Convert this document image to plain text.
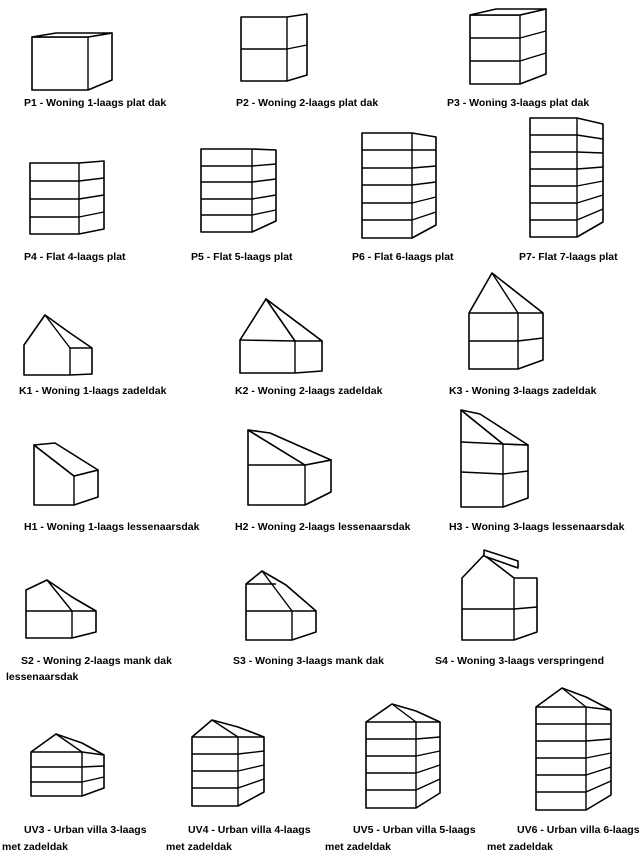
P1 - Woning 1-laags plat dak	P2 - Woning 2-laags plat dak	P3 - Woning 3-laags plat dak
P4 - Flat 4-laags plat	P5 - Flat 5-laags plat	P6 - Flat 6-laags plat	P7- Flat 7-laags plat
K1 - Woning 1-laags zadeldak	K2 - Woning 2-laags zadeldak	K3 - Woning 3-laags zadeldak
H1 - Woning 1-laags lessenaarsdak	H2 - Woning 2-laags lessenaarsdak	H3 - Woning 3-laags lessenaarsdak
S2 - Woning 2-laags mank dak
lessenaarsdak
S3 - Woning 3-laags mank dak	S4 - Woning 3-laags verspringend
UV3 - Urban villa 3-laags
met zadeldak
UV4 - Urban villa 4-laags
met zadeldak
UV5 - Urban villa 5-laags
met zadeldak
UV6 - Urban villa 6-laags
met zadeldak
